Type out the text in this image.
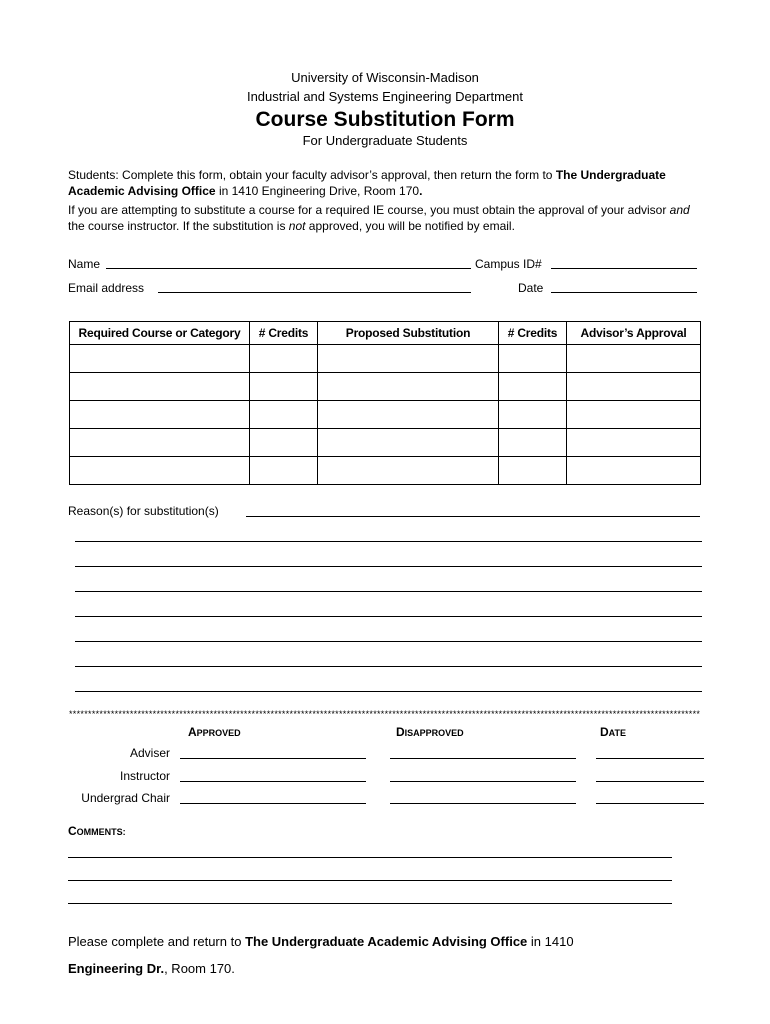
University of Wisconsin-Madison
Industrial and Systems Engineering Department
Course Substitution Form
For Undergraduate Students
Students: Complete this form, obtain your faculty advisor’s approval, then return the form to The Undergraduate
Academic Advising Office in 1410 Engineering Drive, Room 170.
If you are attempting to substitute a course for a required IE course, you must obtain the approval of your advisor and
the course instructor. If the substitution is not approved, you will be notified by email.
Name	Campus ID#
Email address	Date
Required Course or Category	# Credits	Proposed Substitution	# Credits	Advisor’s Approval

Reason(s) for substitution(s)
**********************************************************************************************************************************************************************
APPROVED	DISAPPROVED	DATE
Adviser
Instructor
Undergrad Chair
COMMENTS:
Please complete and return to The Undergraduate Academic Advising Office in 1410
Engineering Dr., Room 170.
